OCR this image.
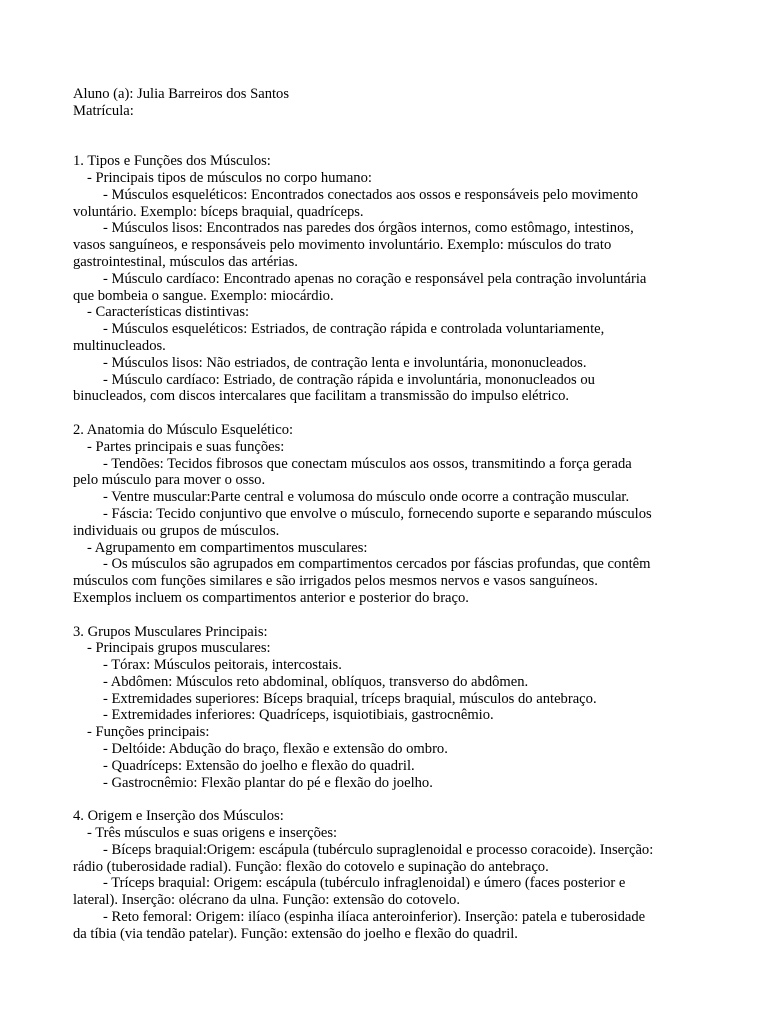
Aluno (a): Julia Barreiros dos Santos
Matrícula:
1. Tipos e Funções dos Músculos:
- Principais tipos de músculos no corpo humano:
- Músculos esqueléticos: Encontrados conectados aos ossos e responsáveis pelo movimento
voluntário. Exemplo: bíceps braquial, quadríceps.
- Músculos lisos: Encontrados nas paredes dos órgãos internos, como estômago, intestinos,
vasos sanguíneos, e responsáveis pelo movimento involuntário. Exemplo: músculos do trato
gastrointestinal, músculos das artérias.
- Músculo cardíaco: Encontrado apenas no coração e responsável pela contração involuntária
que bombeia o sangue. Exemplo: miocárdio.
- Características distintivas:
- Músculos esqueléticos: Estriados, de contração rápida e controlada voluntariamente,
multinucleados.
- Músculos lisos: Não estriados, de contração lenta e involuntária, mononucleados.
- Músculo cardíaco: Estriado, de contração rápida e involuntária, mononucleados ou
binucleados, com discos intercalares que facilitam a transmissão do impulso elétrico.
2. Anatomia do Músculo Esquelético:
- Partes principais e suas funções:
- Tendões: Tecidos fibrosos que conectam músculos aos ossos, transmitindo a força gerada
pelo músculo para mover o osso.
- Ventre muscular:Parte central e volumosa do músculo onde ocorre a contração muscular.
- Fáscia: Tecido conjuntivo que envolve o músculo, fornecendo suporte e separando músculos
individuais ou grupos de músculos.
- Agrupamento em compartimentos musculares:
- Os músculos são agrupados em compartimentos cercados por fáscias profundas, que contêm
músculos com funções similares e são irrigados pelos mesmos nervos e vasos sanguíneos.
Exemplos incluem os compartimentos anterior e posterior do braço.
3. Grupos Musculares Principais:
- Principais grupos musculares:
- Tórax: Músculos peitorais, intercostais.
- Abdômen: Músculos reto abdominal, oblíquos, transverso do abdômen.
- Extremidades superiores: Bíceps braquial, tríceps braquial, músculos do antebraço.
- Extremidades inferiores: Quadríceps, isquiotibiais, gastrocnêmio.
- Funções principais:
- Deltóide: Abdução do braço, flexão e extensão do ombro.
- Quadríceps: Extensão do joelho e flexão do quadril.
- Gastrocnêmio: Flexão plantar do pé e flexão do joelho.
4. Origem e Inserção dos Músculos:
- Três músculos e suas origens e inserções:
- Bíceps braquial:Origem: escápula (tubérculo supraglenoidal e processo coracoide). Inserção:
rádio (tuberosidade radial). Função: flexão do cotovelo e supinação do antebraço.
- Tríceps braquial: Origem: escápula (tubérculo infraglenoidal) e úmero (faces posterior e
lateral). Inserção: olécrano da ulna. Função: extensão do cotovelo.
- Reto femoral: Origem: ilíaco (espinha ilíaca anteroinferior). Inserção: patela e tuberosidade
da tíbia (via tendão patelar). Função: extensão do joelho e flexão do quadril.
